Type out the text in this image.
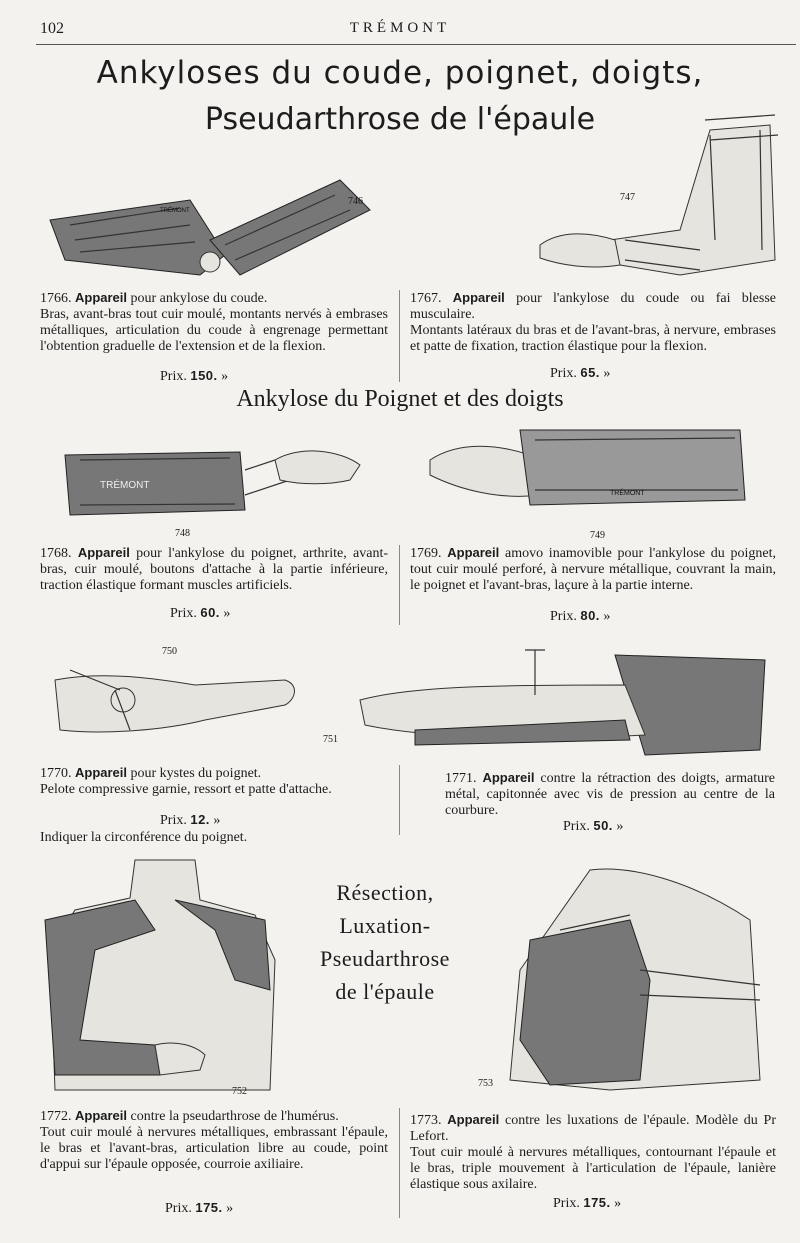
102	TRÉMONT
Ankyloses du coude, poignet, doigts,
Pseudarthrose de l'épaule
TRÉMONT
746	747
1766. Appareil pour ankylose du coude.
Bras, avant-bras tout cuir moulé, montants nervés à embrases métalliques, articulation du coude à engrenage permettant l'obtention graduelle de l'extension et de la flexion.
Prix. 150. »
1767. Appareil pour l'ankylose du coude ou fai blesse musculaire.
Montants latéraux du bras et de l'avant-bras, à nervure, embrases et patte de fixation, traction élastique pour la flexion.
Prix. 65. »
Ankylose du Poignet et des doigts
TRÉMONT
748
TRÉMONT
749
1768. Appareil pour l'ankylose du poignet, arthrite, avant-bras, cuir moulé, boutons d'attache à la partie inférieure, traction élastique formant muscles artificiels.
Prix. 60. »
1769. Appareil amovo inamovible pour l'ankylose du poignet, tout cuir moulé perforé, à nervure métallique, couvrant la main, le poignet et l'avant-bras, laçure à la partie interne.
Prix. 80. »
750
751
1770. Appareil pour kystes du poignet.
Pelote compressive garnie, ressort et patte d'attache.
Prix. 12. »
Indiquer la circonférence du poignet.
1771. Appareil contre la rétraction des doigts, armature métal, capitonnée avec vis de pression au centre de la courbure.
Prix. 50. »
Résection,
Luxation-
Pseudarthrose
de l'épaule
752
753
1772. Appareil contre la pseudarthrose de l'humérus.
Tout cuir moulé à nervures métalliques, embrassant l'épaule, le bras et l'avant-bras, articulation libre au coude, point d'appui sur l'épaule opposée, courroie axiliaire.
Prix. 175. »
1773. Appareil contre les luxations de l'épaule. Modèle du Pr Lefort.
Tout cuir moulé à nervures métalliques, contournant l'épaule et le bras, triple mouvement à l'articulation de l'épaule, lanière élastique sous axilaire.
Prix. 175. »
